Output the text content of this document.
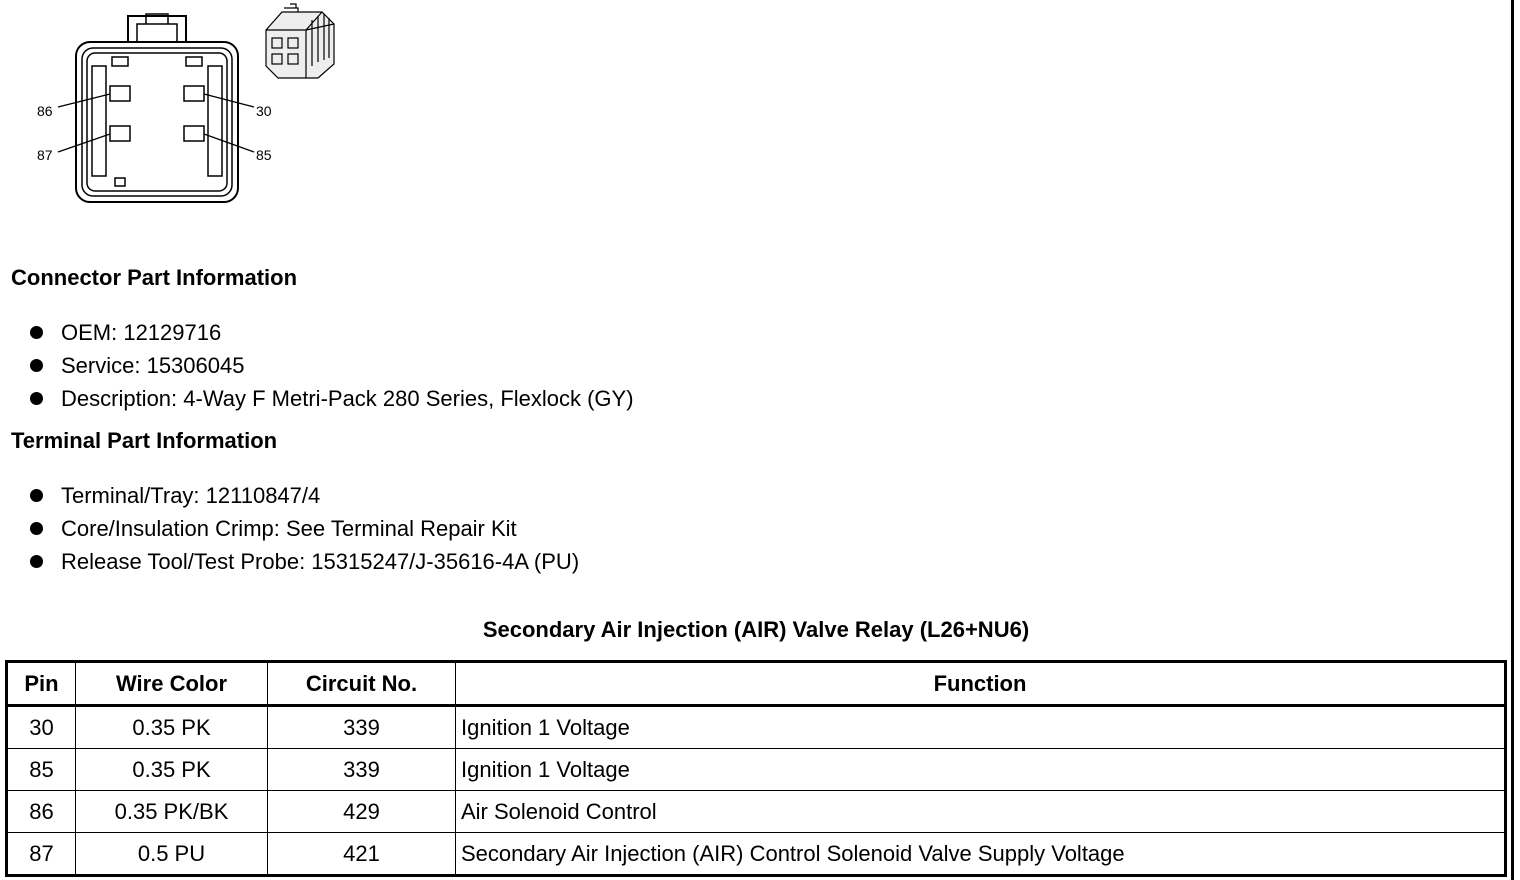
86	30
87	85
Connector Part Information
OEM: 12129716
Service: 15306045
Description: 4-Way F Metri-Pack 280 Series, Flexlock (GY)
Terminal Part Information
Terminal/Tray: 12110847/4
Core/Insulation Crimp: See Terminal Repair Kit
Release Tool/Test Probe: 15315247/J-35616-4A (PU)
Secondary Air Injection (AIR) Valve Relay (L26+NU6)
Pin	Wire Color	Circuit No.	Function
30	0.35 PK	339	Ignition 1 Voltage
85	0.35 PK	339	Ignition 1 Voltage
86	0.35 PK/BK	429	Air Solenoid Control
87	0.5 PU	421	Secondary Air Injection (AIR) Control Solenoid Valve Supply Voltage
